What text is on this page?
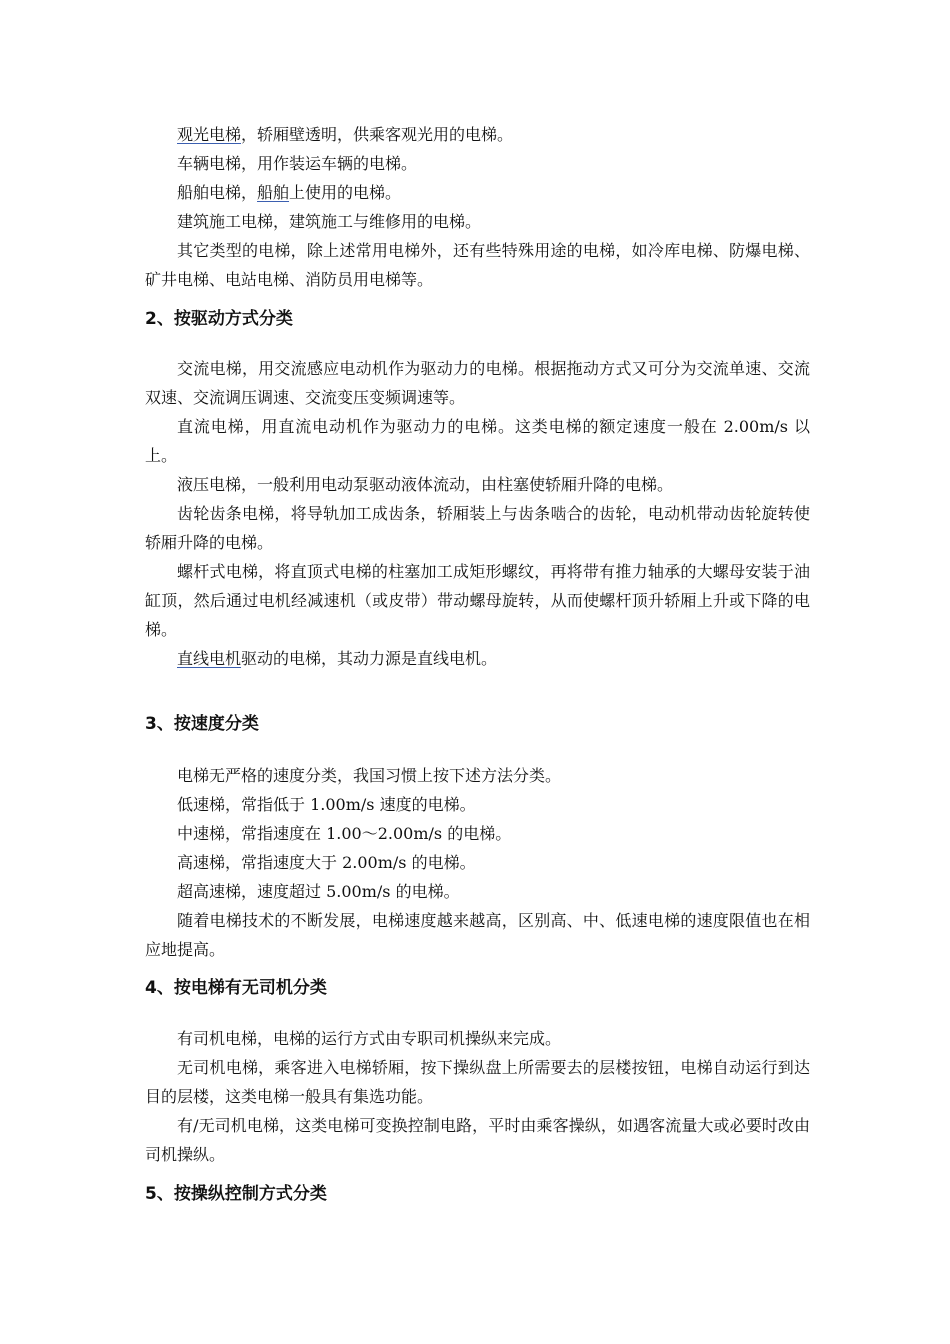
观光电梯，轿厢壁透明，供乘客观光用的电梯。

车辆电梯，用作装运车辆的电梯。

船舶电梯，船舶上使用的电梯。

建筑施工电梯，建筑施工与维修用的电梯。

其它类型的电梯，除上述常用电梯外，还有些特殊用途的电梯，如冷库电梯、防爆电梯、矿井电梯、电站电梯、消防员用电梯等。

2、按驱动方式分类

交流电梯，用交流感应电动机作为驱动力的电梯。根据拖动方式又可分为交流单速、交流双速、交流调压调速、交流变压变频调速等。

直流电梯，用直流电动机作为驱动力的电梯。这类电梯的额定速度一般在 2.00m/s 以上。

液压电梯，一般利用电动泵驱动液体流动，由柱塞使轿厢升降的电梯。

齿轮齿条电梯，将导轨加工成齿条，轿厢装上与齿条啮合的齿轮，电动机带动齿轮旋转使轿厢升降的电梯。

螺杆式电梯，将直顶式电梯的柱塞加工成矩形螺纹，再将带有推力轴承的大螺母安装于油缸顶，然后通过电机经减速机（或皮带）带动螺母旋转，从而使螺杆顶升轿厢上升或下降的电梯。

直线电机驱动的电梯，其动力源是直线电机。

3、按速度分类

电梯无严格的速度分类，我国习惯上按下述方法分类。

低速梯，常指低于 1.00m/s 速度的电梯。

中速梯，常指速度在 1.00～2.00m/s 的电梯。

高速梯，常指速度大于 2.00m/s 的电梯。

超高速梯，速度超过 5.00m/s 的电梯。

随着电梯技术的不断发展，电梯速度越来越高，区别高、中、低速电梯的速度限值也在相应地提高。

4、按电梯有无司机分类

有司机电梯，电梯的运行方式由专职司机操纵来完成。

无司机电梯，乘客进入电梯轿厢，按下操纵盘上所需要去的层楼按钮，电梯自动运行到达目的层楼，这类电梯一般具有集选功能。

有/无司机电梯，这类电梯可变换控制电路，平时由乘客操纵，如遇客流量大或必要时改由司机操纵。

5、按操纵控制方式分类
